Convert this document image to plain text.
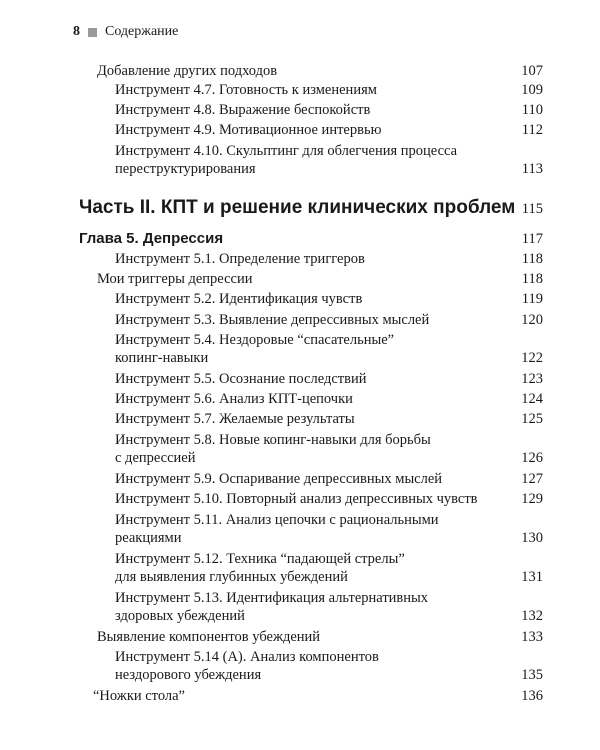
8 Содержание
Добавление других подходов	107
Инструмент 4.7. Готовность к изменениям	109
Инструмент 4.8. Выражение беспокойств	110
Инструмент 4.9. Мотивационное интервью	112
Инструмент 4.10. Скульптинг для облегчения процесса
переструктурирования	113
Часть II. КПТ и решение клинических проблем 115
Глава 5. Депрессия	117
Инструмент 5.1. Определение триггеров	118
Мои триггеры депрессии	118
Инструмент 5.2. Идентификация чувств	119
Инструмент 5.3. Выявление депрессивных мыслей	120
Инструмент 5.4. Нездоровые “спасательные”
копинг-навыки	122
Инструмент 5.5. Осознание последствий	123
Инструмент 5.6. Анализ КПТ-цепочки	124
Инструмент 5.7. Желаемые результаты	125
Инструмент 5.8. Новые копинг-навыки для борьбы
с депрессией	126
Инструмент 5.9. Оспаривание депрессивных мыслей	127
Инструмент 5.10. Повторный анализ депрессивных чувств	129
Инструмент 5.11. Анализ цепочки с рациональными
реакциями	130
Инструмент 5.12. Техника “падающей стрелы”
для выявления глубинных убеждений	131
Инструмент 5.13. Идентификация альтернативных
здоровых убеждений	132
Выявление компонентов убеждений	133
Инструмент 5.14 (А). Анализ компонентов
нездорового убеждения	135
“Ножки стола”	136
